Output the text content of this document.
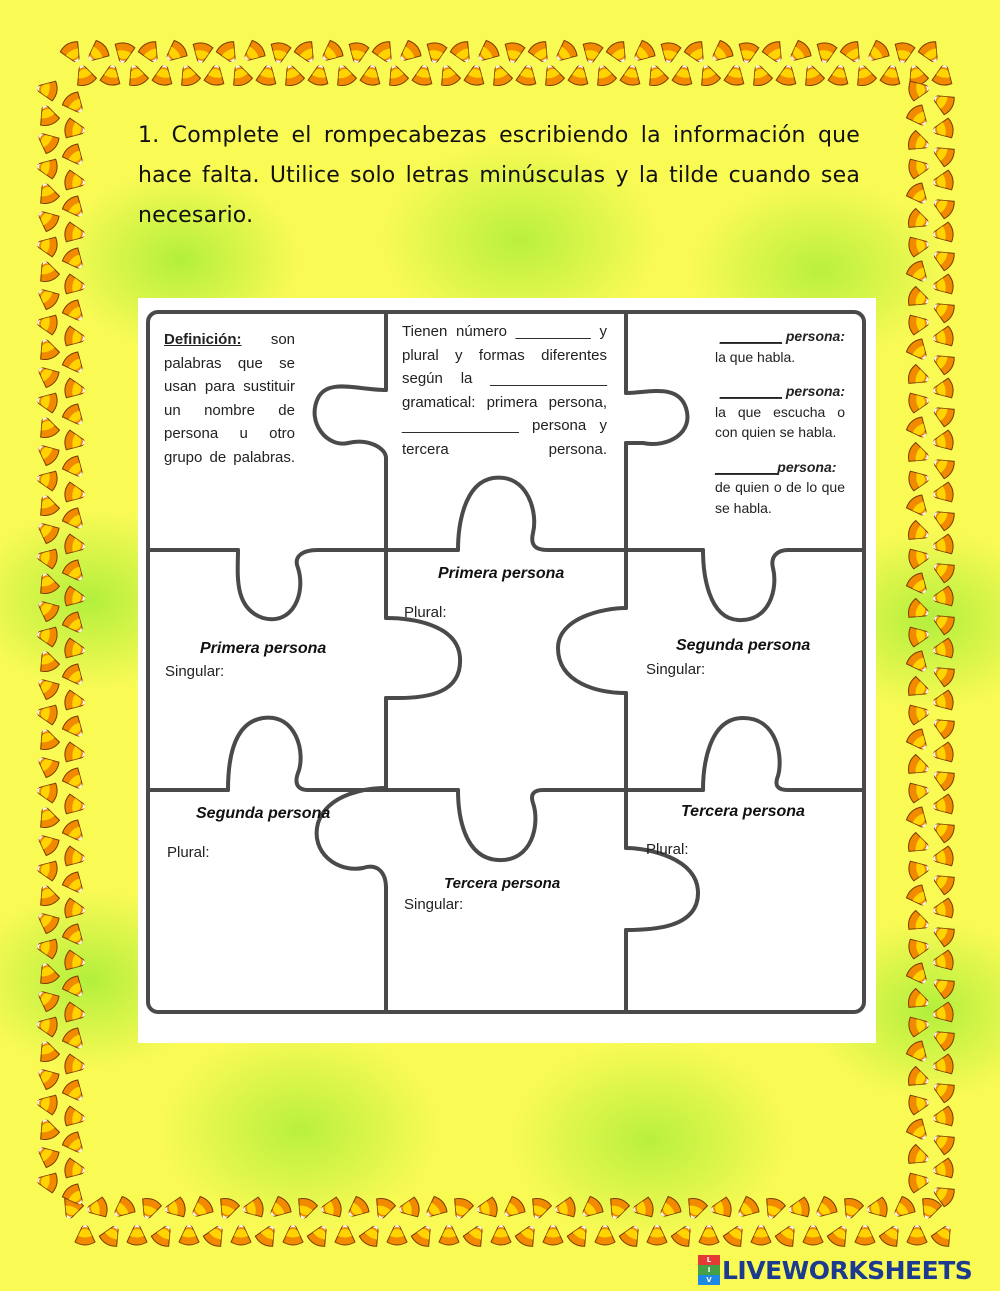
1. Complete el rompecabezas escribiendo la información que hace falta. Utilice solo letras minúsculas y la tilde cuando sea necesario.
Definición: son palabras que se usan para sustituir un nombre de persona u otro grupo de palabras.
Tienen número _________ y plural y formas diferentes según la ______________ gramatical: primera persona, ______________ persona y tercera persona.
________ persona:
la que habla.
________ persona:
la que escucha o con quien se habla.
________persona:
de quien o de lo que se habla.
Primera persona
Plural:
Primera persona
Singular:
Segunda persona
Singular:
Segunda persona
Plural:
Tercera persona
Plural:
Tercera persona
Singular:
L
I
V LIVEWORKSHEETS
